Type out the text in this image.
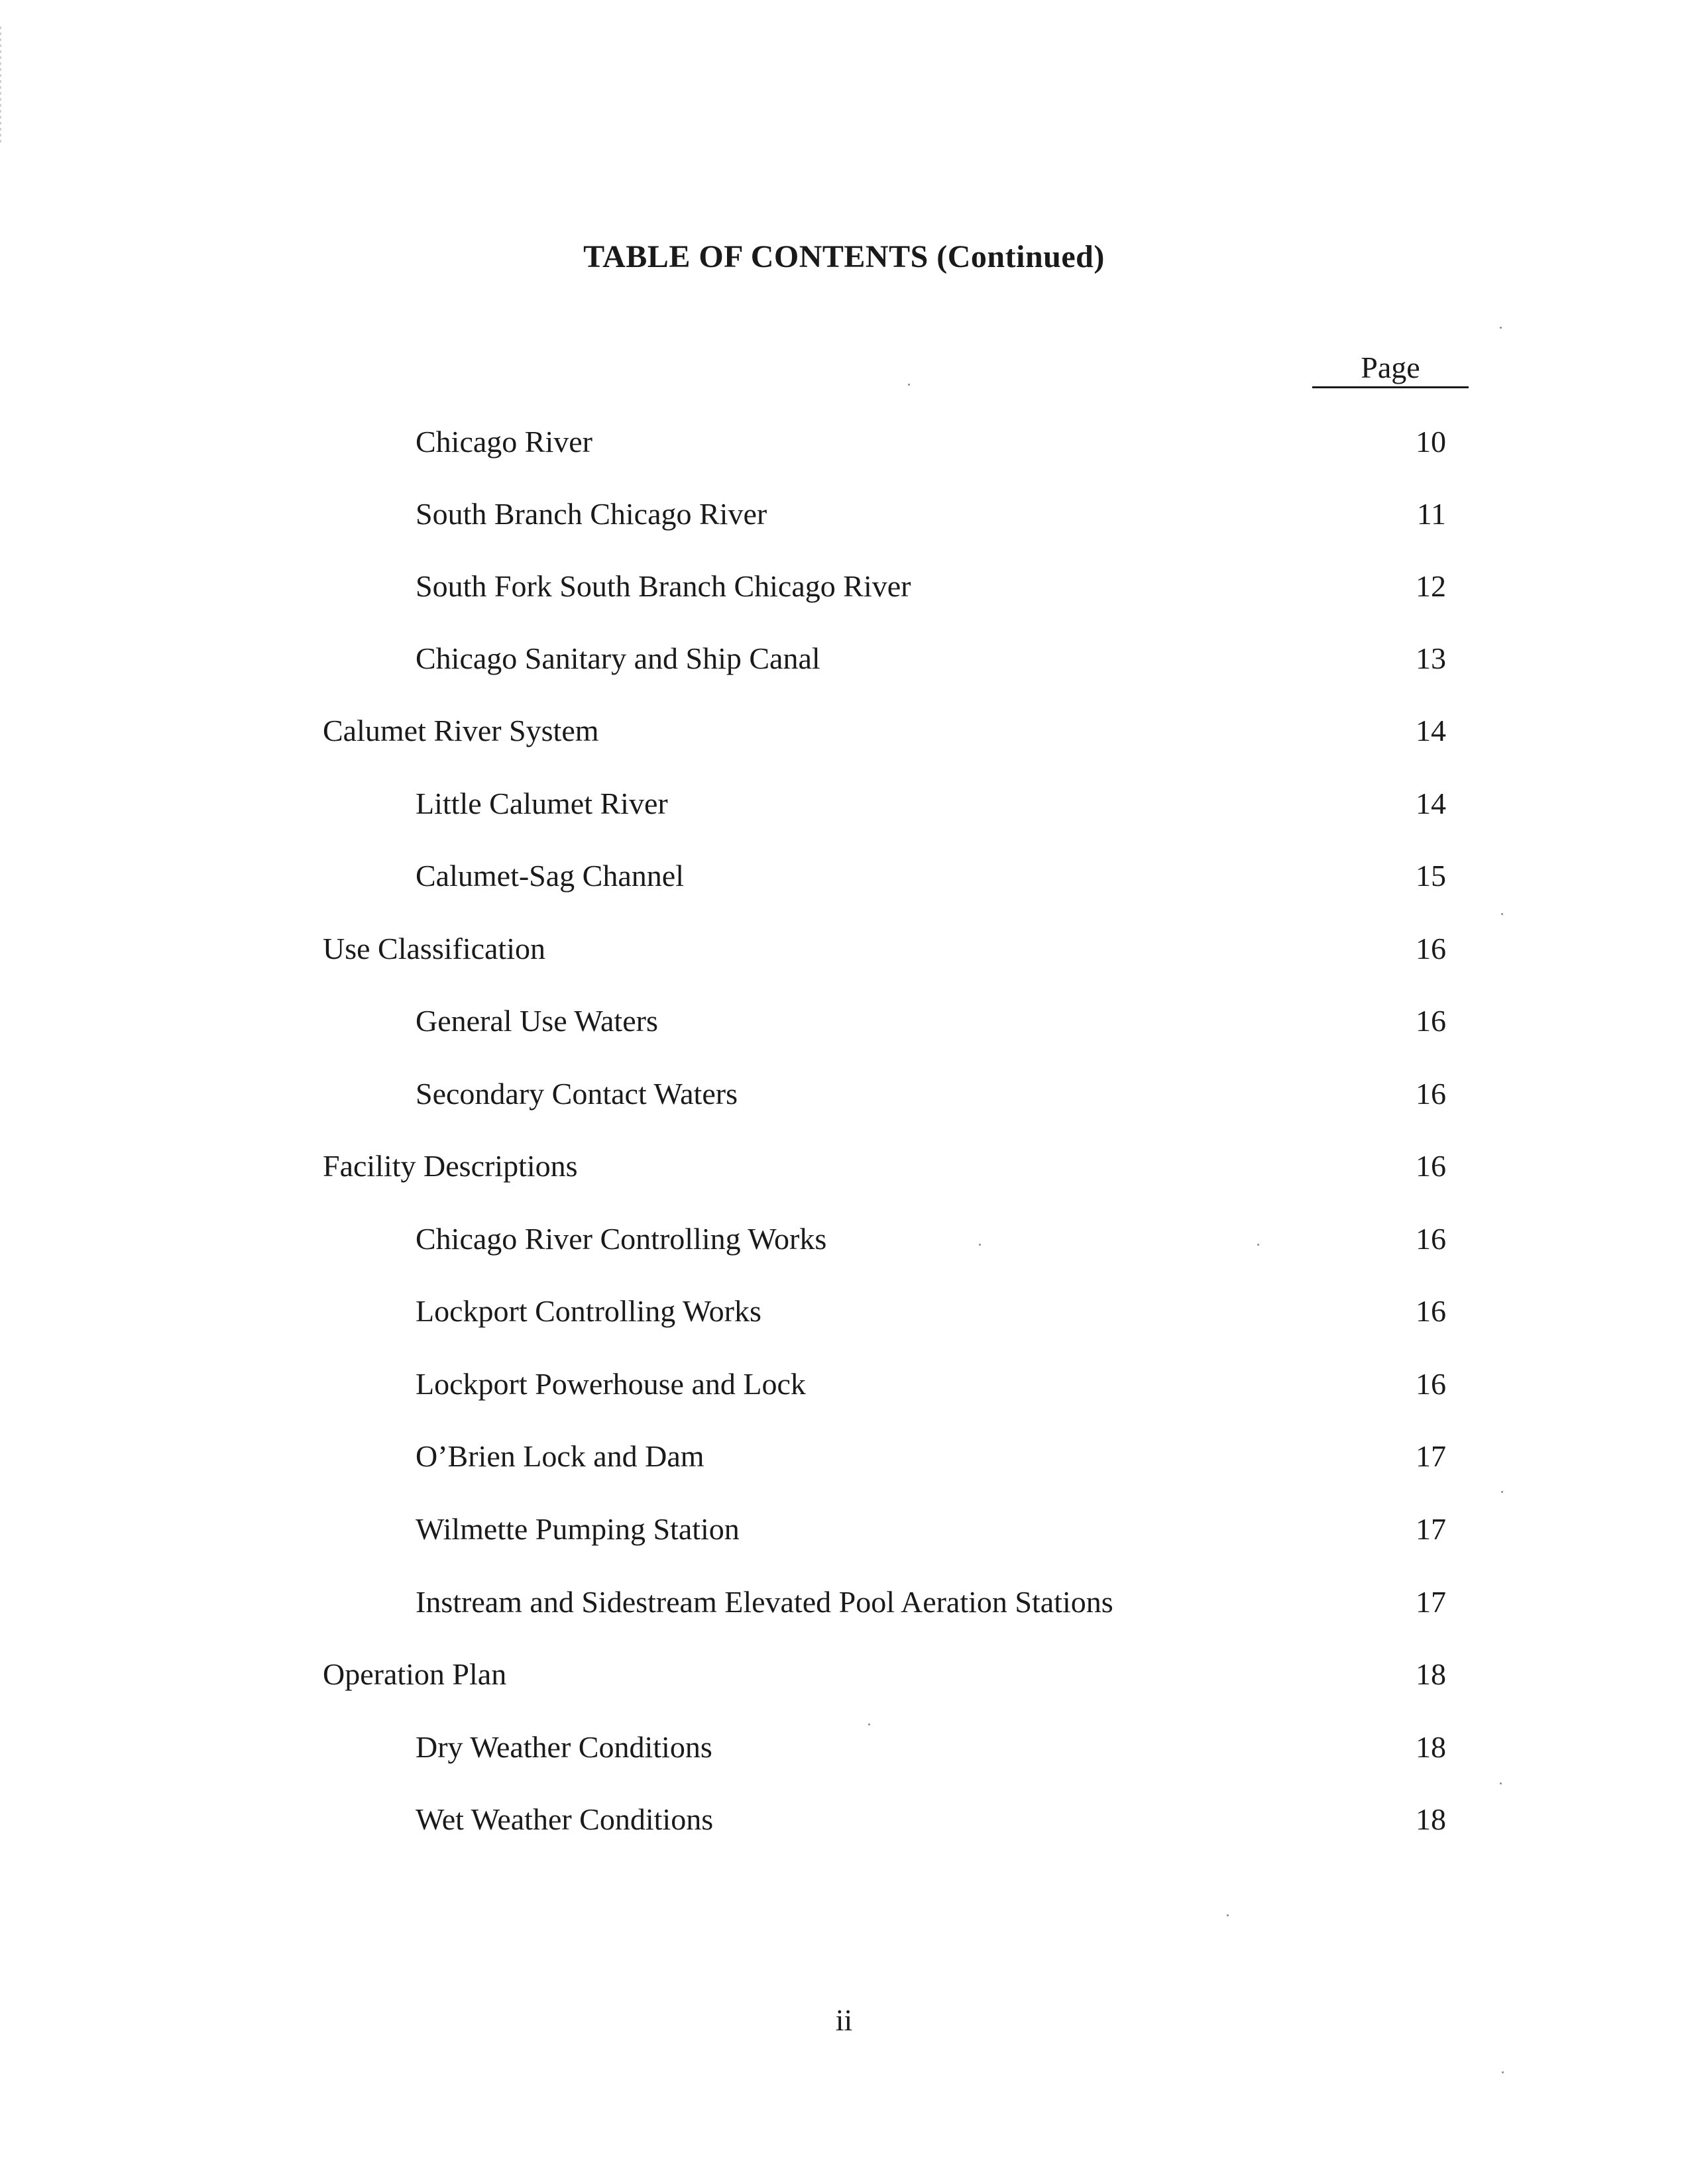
TABLE OF CONTENTS (Continued)
Page
Chicago River	10
South Branch Chicago River	11
South Fork South Branch Chicago River	12
Chicago Sanitary and Ship Canal	13
Calumet River System	14
Little Calumet River	14
Calumet-Sag Channel	15
Use Classification	16
General Use Waters	16
Secondary Contact Waters	16
Facility Descriptions	16
Chicago River Controlling Works	16
Lockport Controlling Works	16
Lockport Powerhouse and Lock	16
O’Brien Lock and Dam	17
Wilmette Pumping Station	17
Instream and Sidestream Elevated Pool Aeration Stations	17
Operation Plan	18
Dry Weather Conditions	18
Wet Weather Conditions	18
ii
